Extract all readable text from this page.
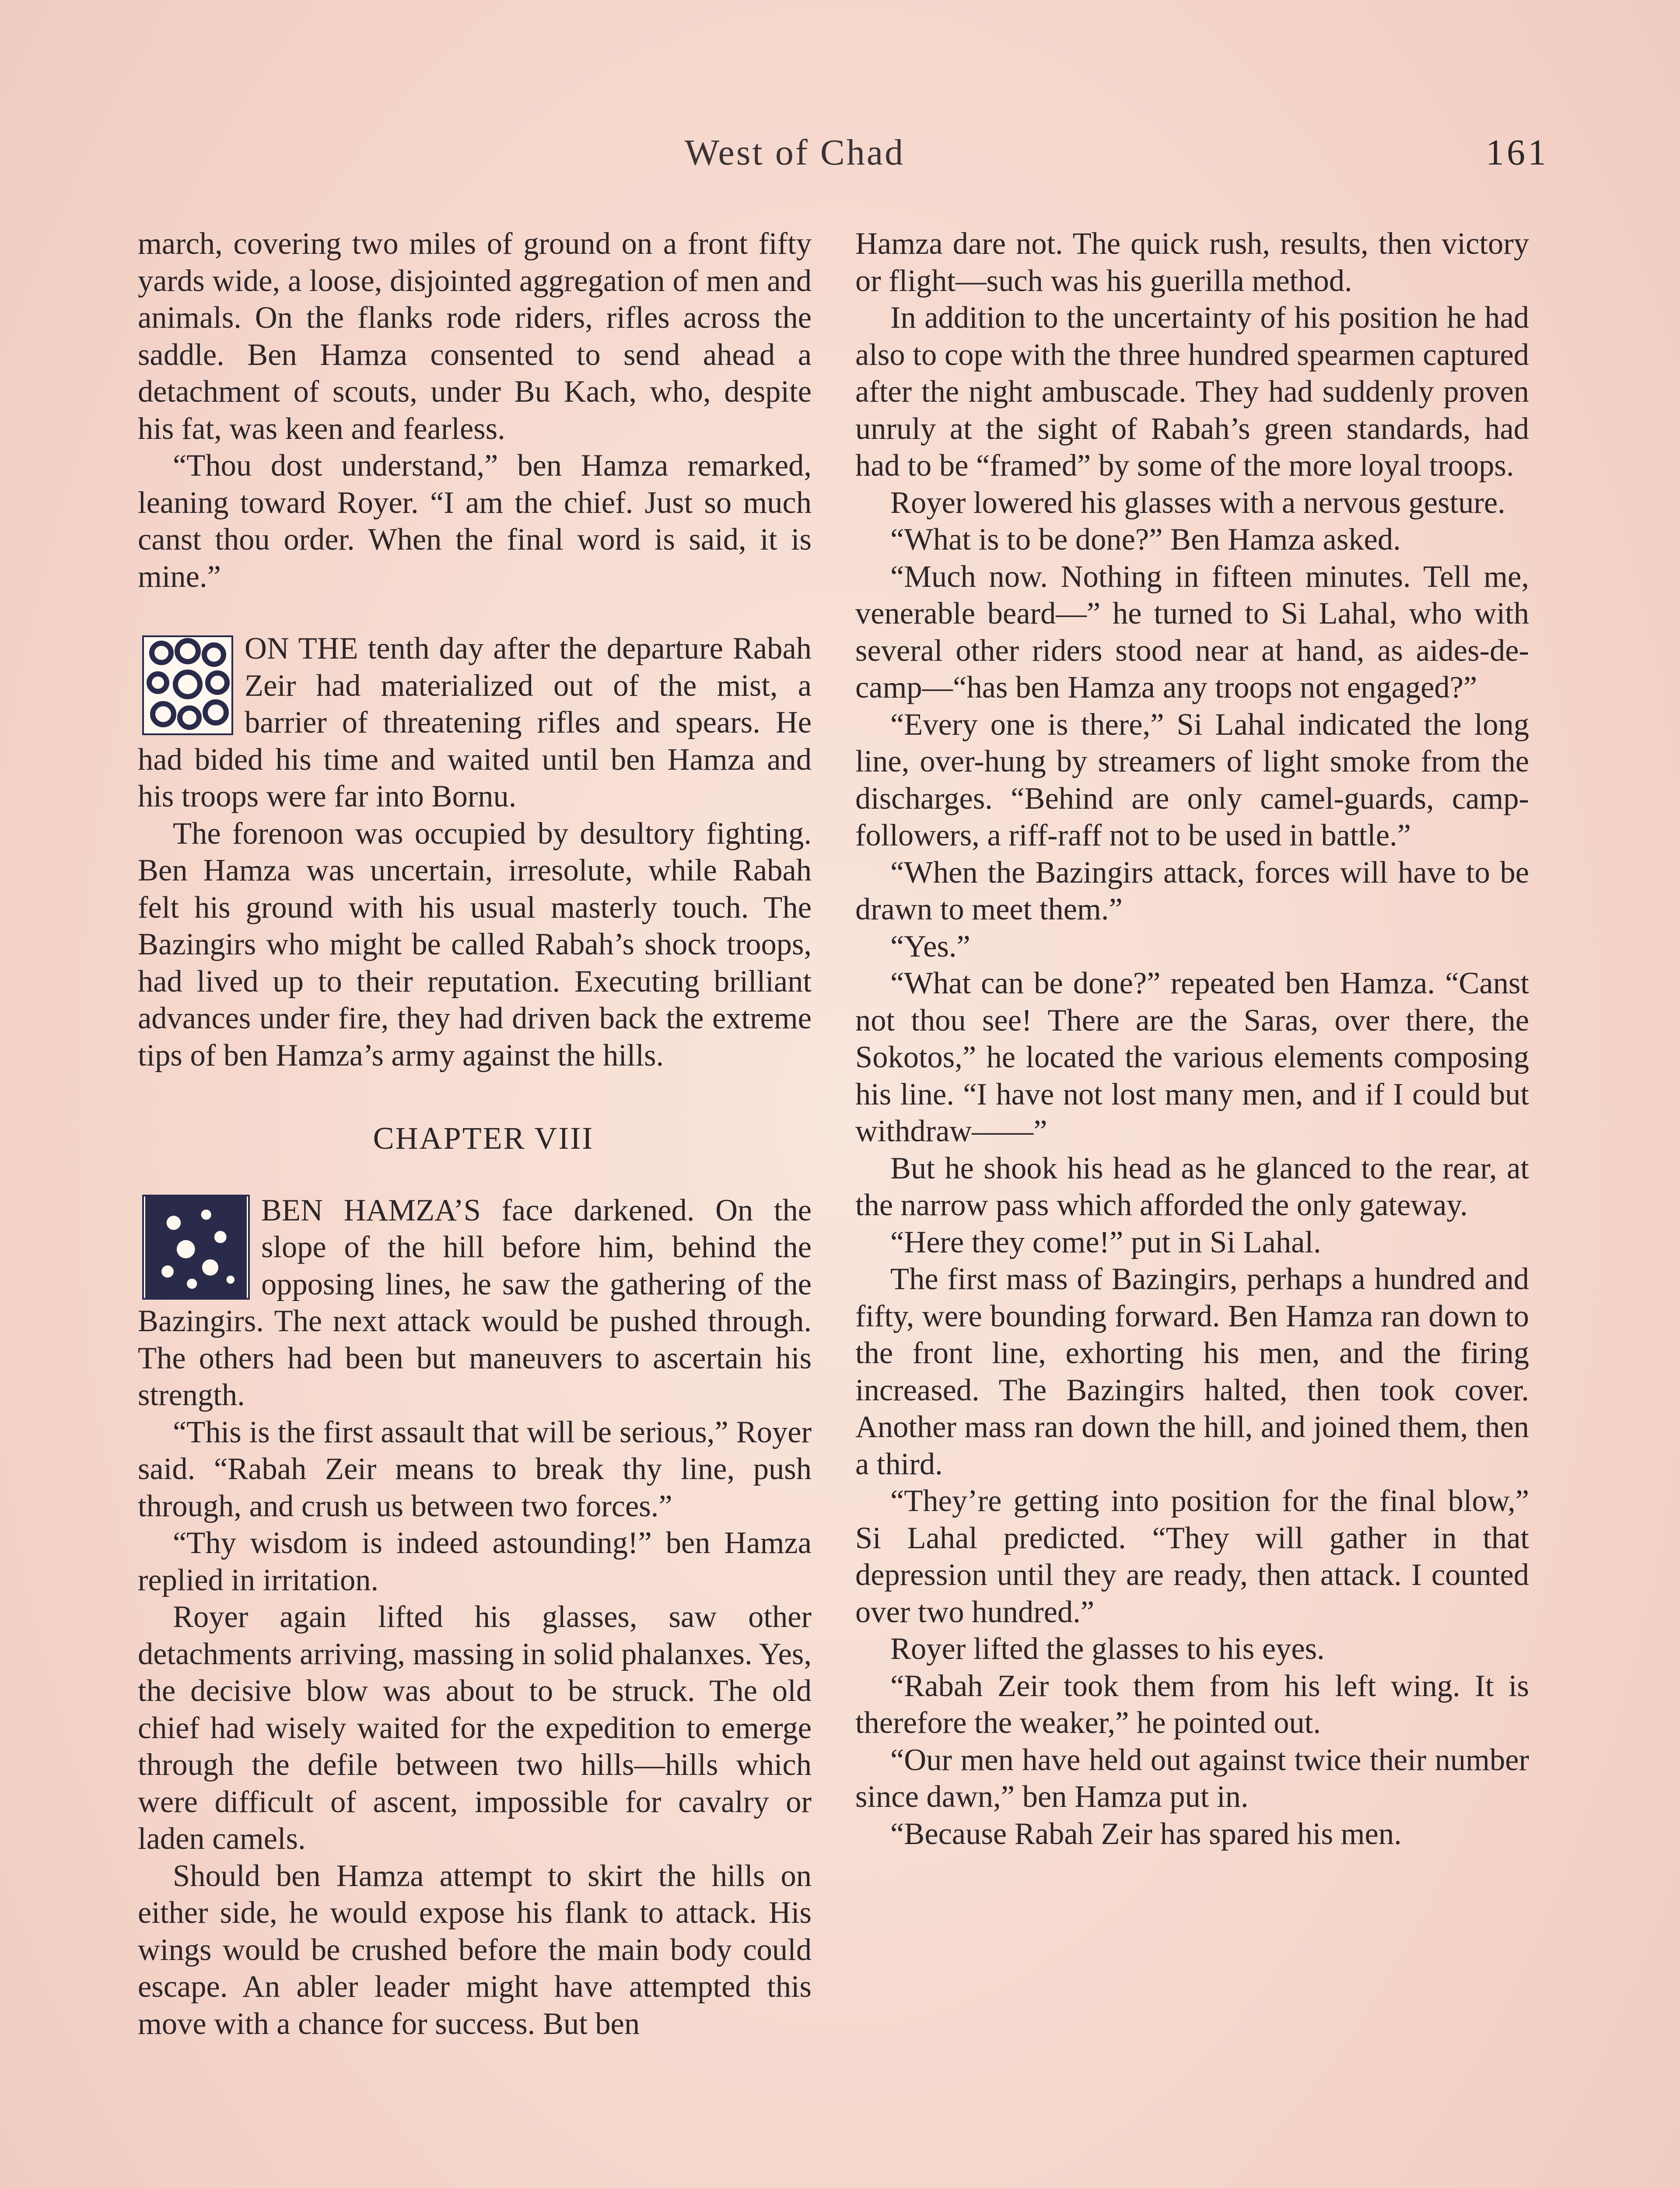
West of Chad	161

march, covering two miles of ground on a front fifty yards wide, a loose, disjointed aggregation of men and animals. On the flanks rode riders, rifles across the saddle. Ben Hamza consented to send ahead a detachment of scouts, under Bu Kach, who, despite his fat, was keen and fearless.

“Thou dost understand,” ben Hamza remarked, leaning toward Royer. “I am the chief. Just so much canst thou order. When the final word is said, it is mine.”

ON THE tenth day after the departure Rabah Zeir had materialized out of the mist, a barrier of threatening rifles and spears. He had bided his time and waited until ben Hamza and his troops were far into Bornu.

The forenoon was occupied by desultory fighting. Ben Hamza was uncertain, irresolute, while Rabah felt his ground with his usual masterly touch. The Bazingirs who might be called Rabah’s shock troops, had lived up to their reputation. Executing brilliant advances under fire, they had driven back the extreme tips of ben Hamza’s army against the hills.

CHAPTER VIII

BEN HAMZA’S face darkened. On the slope of the hill before him, behind the opposing lines, he saw the gathering of the Bazingirs. The next attack would be pushed through. The others had been but maneuvers to ascertain his strength.

“This is the first assault that will be serious,” Royer said. “Rabah Zeir means to break thy line, push through, and crush us between two forces.”

“Thy wisdom is indeed astounding!” ben Hamza replied in irritation.

Royer again lifted his glasses, saw other detachments arriving, massing in solid phalanxes. Yes, the decisive blow was about to be struck. The old chief had wisely waited for the expedition to emerge through the defile between two hills—hills which were difficult of ascent, impossible for cavalry or laden camels.

Should ben Hamza attempt to skirt the hills on either side, he would expose his flank to attack. His wings would be crushed before the main body could escape. An abler leader might have attempted this move with a chance for success. But ben

Hamza dare not. The quick rush, results, then victory or flight—such was his guerilla method.

In addition to the uncertainty of his position he had also to cope with the three hundred spearmen captured after the night ambuscade. They had suddenly proven unruly at the sight of Rabah’s green standards, had had to be “framed” by some of the more loyal troops.

Royer lowered his glasses with a nervous gesture.

“What is to be done?” Ben Hamza asked.

“Much now. Nothing in fifteen minutes. Tell me, venerable beard—” he turned to Si Lahal, who with several other riders stood near at hand, as aides-de-camp—“has ben Hamza any troops not engaged?”

“Every one is there,” Si Lahal indicated the long line, over-hung by streamers of light smoke from the discharges. “Behind are only camel-guards, camp-followers, a riff-raff not to be used in battle.”

“When the Bazingirs attack, forces will have to be drawn to meet them.”

“Yes.”

“What can be done?” repeated ben Hamza. “Canst not thou see! There are the Saras, over there, the Sokotos,” he located the various elements composing his line. “I have not lost many men, and if I could but withdraw——”

But he shook his head as he glanced to the rear, at the narrow pass which afforded the only gateway.

“Here they come!” put in Si Lahal.

The first mass of Bazingirs, perhaps a hundred and fifty, were bounding forward. Ben Hamza ran down to the front line, exhorting his men, and the firing increased. The Bazingirs halted, then took cover. Another mass ran down the hill, and joined them, then a third.

“They’re getting into position for the final blow,” Si Lahal predicted. “They will gather in that depression until they are ready, then attack. I counted over two hundred.”

Royer lifted the glasses to his eyes.

“Rabah Zeir took them from his left wing. It is therefore the weaker,” he pointed out.

“Our men have held out against twice their number since dawn,” ben Hamza put in.

“Because Rabah Zeir has spared his men.
